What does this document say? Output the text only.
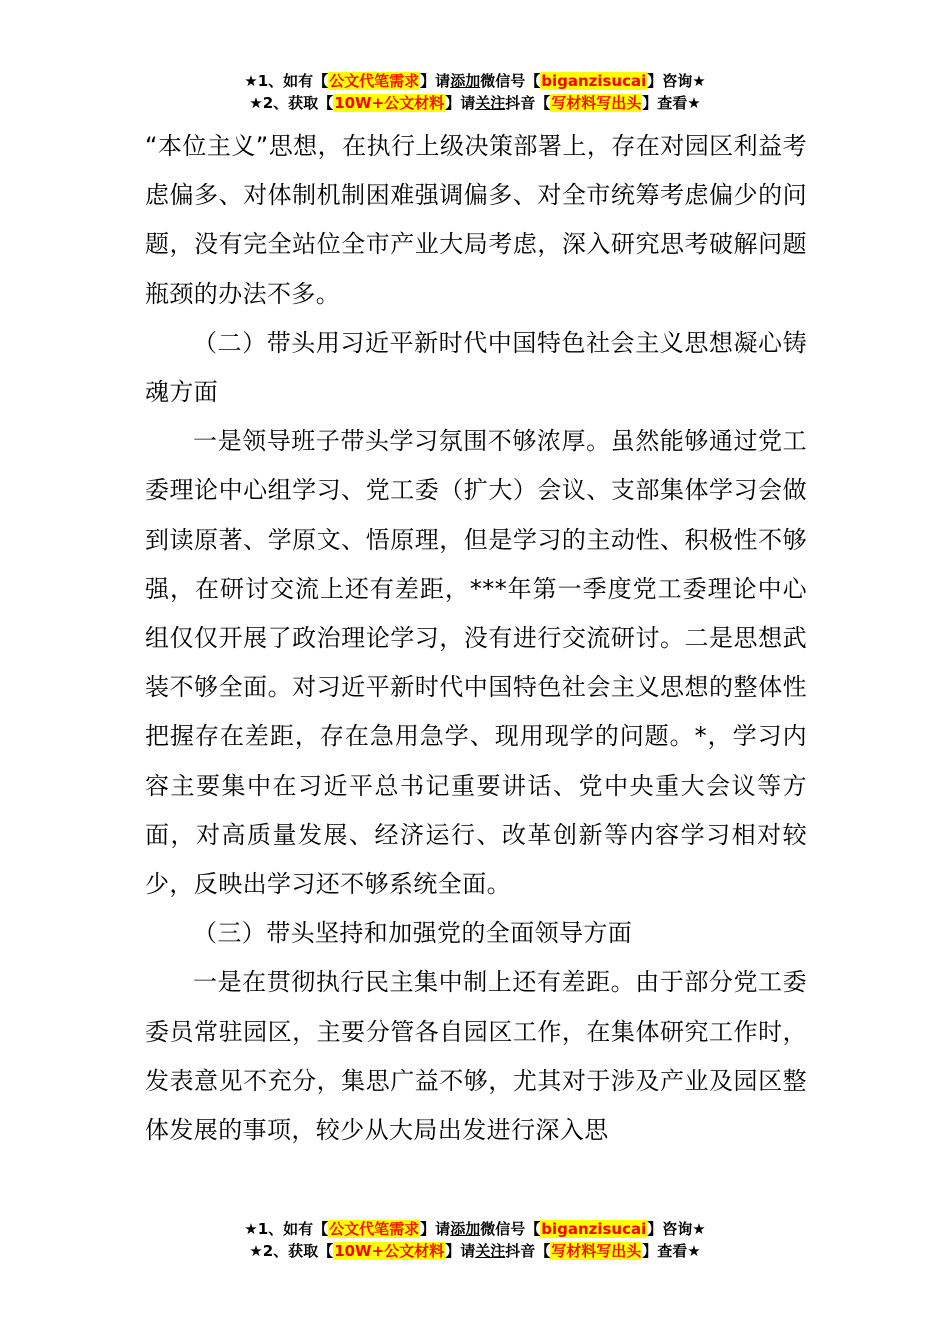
★1、如有【公文代笔需求】请添加微信号【biganzisucai】咨询★
★2、获取【10W+公文材料】请关注抖音【写材料写出头】查看★

“本位主义”思想，在执行上级决策部署上，存在对园区利益考虑偏多、对体制机制困难强调偏多、对全市统筹考虑偏少的问题，没有完全站位全市产业大局考虑，深入研究思考破解问题瓶颈的办法不多。

（二）带头用习近平新时代中国特色社会主义思想凝心铸魂方面

一是领导班子带头学习氛围不够浓厚。虽然能够通过党工委理论中心组学习、党工委（扩大）会议、支部集体学习会做到读原著、学原文、悟原理，但是学习的主动性、积极性不够强，在研讨交流上还有差距，***年第一季度党工委理论中心组仅仅开展了政治理论学习，没有进行交流研讨。二是思想武装不够全面。对习近平新时代中国特色社会主义思想的整体性把握存在差距，存在急用急学、现用现学的问题。*，学习内容主要集中在习近平总书记重要讲话、党中央重大会议等方面，对高质量发展、经济运行、改革创新等内容学习相对较少，反映出学习还不够系统全面。

（三）带头坚持和加强党的全面领导方面

一是在贯彻执行民主集中制上还有差距。由于部分党工委委员常驻园区，主要分管各自园区工作，在集体研究工作时，发表意见不充分，集思广益不够，尤其对于涉及产业及园区整体发展的事项，较少从大局出发进行深入思

★1、如有【公文代笔需求】请添加微信号【biganzisucai】咨询★
★2、获取【10W+公文材料】请关注抖音【写材料写出头】查看★
